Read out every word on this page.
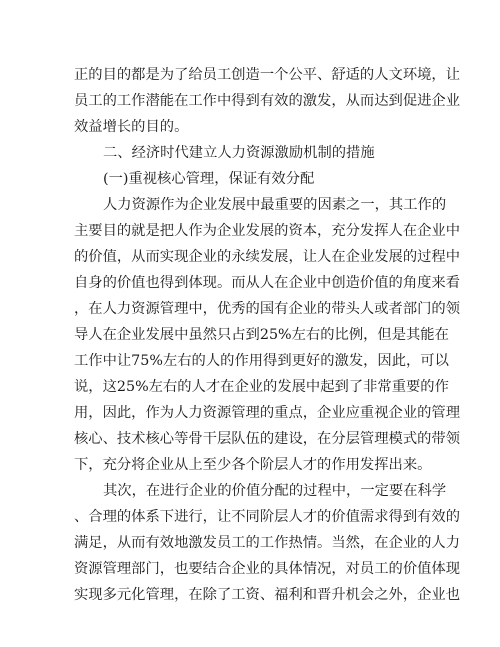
正的目的都是为了给员工创造一个公平、舒适的人文环境，让
员工的工作潜能在工作中得到有效的激发，从而达到促进企业
效益增长的目的。
二、经济时代建立人力资源激励机制的措施
(一)重视核心管理，保证有效分配
人力资源作为企业发展中最重要的因素之一，其工作的
主要目的就是把人作为企业发展的资本，充分发挥人在企业中
的价值，从而实现企业的永续发展，让人在企业发展的过程中
自身的价值也得到体现。而从人在企业中创造价值的角度来看
，在人力资源管理中，优秀的国有企业的带头人或者部门的领
导人在企业发展中虽然只占到25%左右的比例，但是其能在
工作中让75%左右的人的作用得到更好的激发，因此，可以
说，这25%左右的人才在企业的发展中起到了非常重要的作
用，因此，作为人力资源管理的重点，企业应重视企业的管理
核心、技术核心等骨干层队伍的建设，在分层管理模式的带领
下，充分将企业从上至少各个阶层人才的作用发挥出来。
其次，在进行企业的价值分配的过程中，一定要在科学
、合理的体系下进行，让不同阶层人才的价值需求得到有效的
满足，从而有效地激发员工的工作热情。当然，在企业的人力
资源管理部门，也要结合企业的具体情况，对员工的价值体现
实现多元化管理，在除了工资、福利和晋升机会之外，企业也
